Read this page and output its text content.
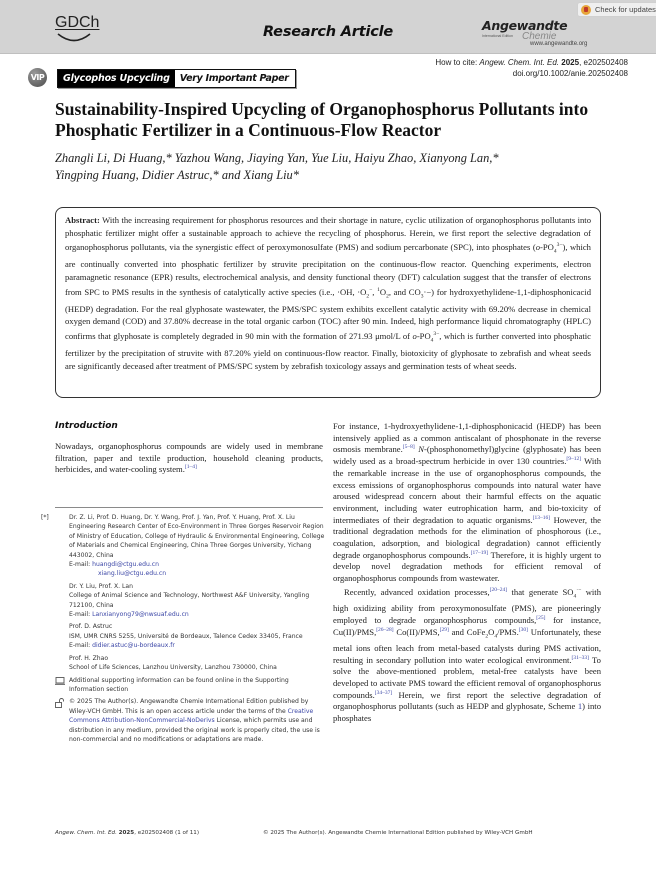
GDCh
Research Article	Angewandte
International Edition Chemie
www.angewandte.org
Check for updates
How to cite: Angew. Chem. Int. Ed. 2025, e202502408
doi.org/10.1002/anie.202502408
VIP	Glycophos Upcycling	Very Important Paper
Sustainability-Inspired Upcycling of Organophosphorus Pollutants into Phosphatic Fertilizer in a Continuous-Flow Reactor
Zhangli Li, Di Huang,* Yazhou Wang, Jiaying Yan, Yue Liu, Haiyu Zhao, Xianyong Lan,*
Yingping Huang, Didier Astruc,* and Xiang Liu*

Abstract: With the increasing requirement for phosphorus resources and their shortage in nature, cyclic utilization of organophosphorus pollutants into phosphatic fertilizer might offer a sustainable approach to achieve the recycling of phosphorus. Herein, we first report the selective degradation of organophosphorus pollutants, via the synergistic effect of peroxymonosulfate (PMS) and sodium percarbonate (SPC), into phosphates $(o-PO_4^{3-})$, which are continually converted into phosphatic fertilizer by struvite precipitation on the continuous-flow reactor. Quenching experiments, electron paramagnetic resonance (EPR) results, electrochemical analysis, and density functional theory (DFT) calculation suggest that the transfer of electrons from SPC to PMS results in the synthesis of catalytically active species (i.e., ·OH, $\cdot O_2^-$, $^1O_2$, and $CO_3\cdot-$) for hydroxyethylidene-1,1-diphosphonicacid (HEDP) degradation. For the real glyphosate wastewater, the PMS/SPC system exhibits excellent catalytic activity with 69.20% decrease in chemical oxygen demand (COD) and 37.80% decrease in the total organic carbon (TOC) after 90 min. Indeed, high performance liquid chromatography (HPLC) confirms that glyphosate is completely degraded in 90 min with the formation of 271.93 μmol/L of $o-PO_4^{3-}$, which is further converted into phosphatic fertilizer by the precipitation of struvite with 87.20% yield on continuous-flow reactor. Finally, biotoxicity of glyphosate to zebrafish and wheat seeds are significantly deceased after treatment of PMS/SPC system by zebrafish toxicology assays and germination tests of wheat seeds.

Introduction

Nowadays, organophosphorus compounds are widely used in membrane filtration, paper and textile production, household cleaning products, herbicides, and water-cooling system.[1–4]

[*]	Dr. Z. Li, Prof. D. Huang, Dr. Y. Wang, Prof. J. Yan, Prof. Y. Huang, Prof. X. Liu
Engineering Research Center of Eco-Environment in Three Gorges Reservoir Region of Ministry of Education, College of Hydraulic & Environmental Engineering, College of Materials and Chemical Engineering, China Three Gorges University, Yichang 443002, China
E-mail: huangdi@ctgu.edu.cn
xiang.liu@ctgu.edu.cn
Dr. Y. Liu, Prof. X. Lan
College of Animal Science and Technology, Northwest A&F University, Yangling 712100, China
E-mail: Lanxianyong79@nwsuaf.edu.cn
Prof. D. Astruc
ISM, UMR CNRS 5255, Université de Bordeaux, Talence Cedex 33405, France
E-mail: didier.astuc@u-bordeaux.fr
Prof. H. Zhao
School of Life Sciences, Lanzhou University, Lanzhou 730000, China
Additional supporting information can be found online in the Supporting Information section
© 2025 The Author(s). Angewandte Chemie International Edition published by Wiley-VCH GmbH. This is an open access article under the terms of the Creative Commons Attribution-NonCommercial-NoDerivs License, which permits use and distribution in any medium, provided the original work is properly cited, the use is non-commercial and no modifications or adaptations are made.

For instance, 1-hydroxyethylidene-1,1-diphosphonicacid (HEDP) has been intensively applied as a common antiscalant of phosphonate in the reverse osmosis membrane.[5–8] N-(phosphonomethyl)glycine (glyphosate) has been widely used as a broad-spectrum herbicide in over 130 countries.[9–12] With the remarkable increase in the use of organophosphorus compounds, the excess emissions of organophosphorus compounds into natural water have aroused widespread concern about their harmful effects on the aquatic environment, including water eutrophication harm, and bio-toxicity of intermediates of their degradation to aquatic organisms.[13–16] However, the traditional degradation methods for the elimination of phosphorous (i.e., coagulation, adsorption, and biological degradation) cannot efficiently degrade organophosphorus compounds.[17–19] Therefore, it is highly urgent to develop novel degradation methods for efficient removal of organophosphorus compounds from wastewater.

Recently, advanced oxidation processes,[20–24] that generate $SO_4^{\cdot-}$ with high oxidizing ability from peroxymonosulfate (PMS), are pioneeringly employed to degrade organophosphorus compounds,[25] for instance, Cu(II)/PMS,[26–28] Co(II)/PMS,[29] and $CoFe_2O_4/PMS.[30]$ Unfortunately, these metal ions often leach from metal-based catalysts during PMS activation, resulting in secondary pollution into water ecological environment.[31–33] To solve the above-mentioned problem, metal-free catalysts have been developed to activate PMS toward the efficient removal of organophosphorus compounds.[34–37] Herein, we first report the selective degradation of organophosphorus pollutants (such as HEDP and glyphosate, Scheme 1) into phosphates

Angew. Chem. Int. Ed. 2025, e202502408 (1 of 11)	© 2025 The Author(s). Angewandte Chemie International Edition published by Wiley-VCH GmbH
